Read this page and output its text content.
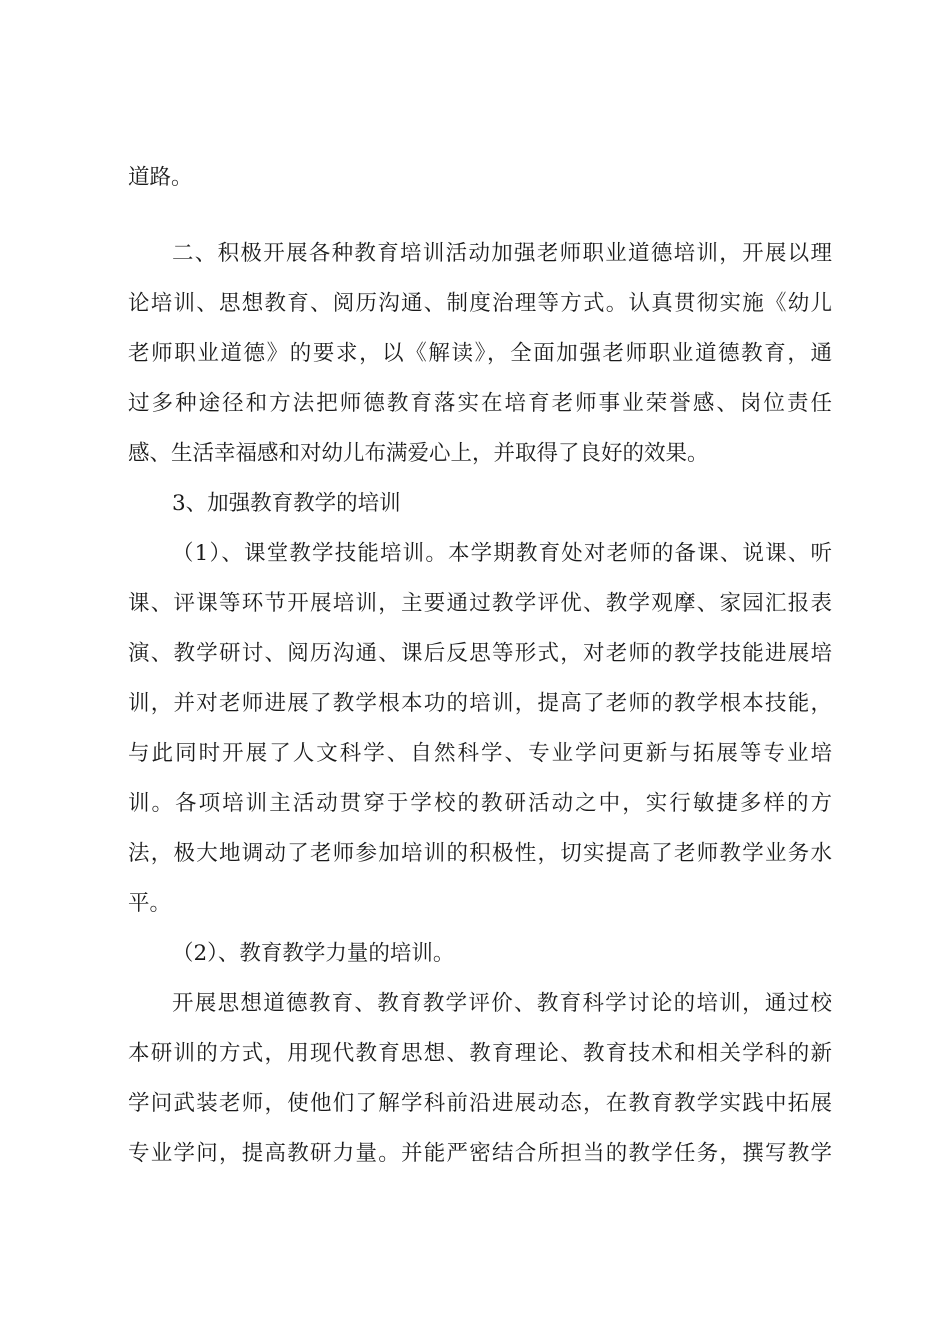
道路。
二、积极开展各种教育培训活动加强老师职业道德培训，开展以理
论培训、思想教育、阅历沟通、制度治理等方式。认真贯彻实施《幼儿
老师职业道德》的要求，以《解读》，全面加强老师职业道德教育，通
过多种途径和方法把师德教育落实在培育老师事业荣誉感、岗位责任
感、生活幸福感和对幼儿布满爱心上，并取得了良好的效果。
3、加强教育教学的培训
（1）、课堂教学技能培训。本学期教育处对老师的备课、说课、听
课、评课等环节开展培训，主要通过教学评优、教学观摩、家园汇报表
演、教学研讨、阅历沟通、课后反思等形式，对老师的教学技能进展培
训，并对老师进展了教学根本功的培训，提高了老师的教学根本技能，
与此同时开展了人文科学、自然科学、专业学问更新与拓展等专业培
训。各项培训主活动贯穿于学校的教研活动之中，实行敏捷多样的方
法，极大地调动了老师参加培训的积极性，切实提高了老师教学业务水
平。
（2）、教育教学力量的培训。
开展思想道德教育、教育教学评价、教育科学讨论的培训，通过校
本研训的方式，用现代教育思想、教育理论、教育技术和相关学科的新
学问武装老师，使他们了解学科前沿进展动态，在教育教学实践中拓展
专业学问，提高教研力量。并能严密结合所担当的教学任务，撰写教学
